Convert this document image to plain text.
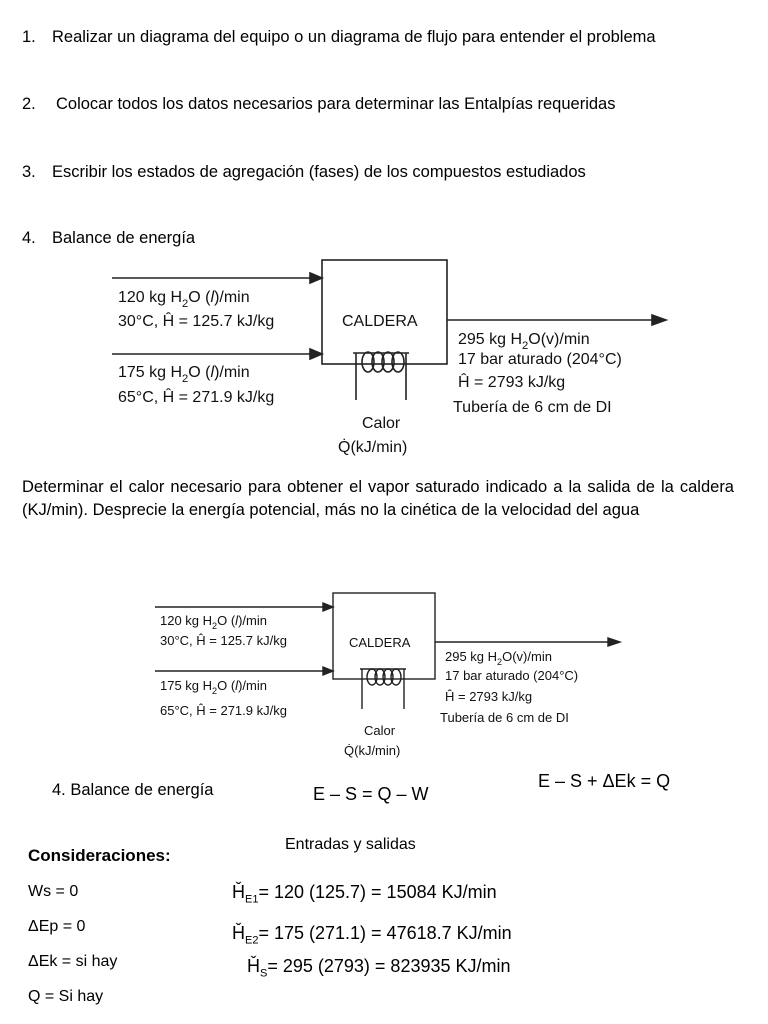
1. Realizar un diagrama del equipo o un diagrama de flujo para entender el problema
2. Colocar todos los datos necesarios para determinar las Entalpías requeridas
3. Escribir los estados de agregación (fases) de los compuestos estudiados
4. Balance de energía
CALDERA
120 kg $H_2O$ (l)/min
30°C, Ĥ = 125.7 kJ/kg
175 kg $H_2O$ (l)/min
65°C, Ĥ = 271.9 kJ/kg
295 kg $H_2O(v)/\min$
17 bar aturado (204°C)
Ĥ = 2793 kJ/kg
Tubería de 6 cm de DI
Calor
Q̇(kJ/min)
Determinar el calor necesario para obtener el vapor saturado indicado a la salida de la caldera (KJ/min). Desprecie la energía potencial, más no la cinética de la velocidad del agua
CALDERA
120 kg $H_2O$ (l)/min
30°C, Ĥ = 125.7 kJ/kg
175 kg $H_2O$ (l)/min
65°C, Ĥ = 271.9 kJ/kg
295 kg $H_2O(v)/\min$
17 bar aturado (204°C)
Ĥ = 2793 kJ/kg
Tubería de 6 cm de DI
Calor
Q̇(kJ/min)
4. Balance de energía	E – S = Q – W
E – S + ΔEk = Q
Entradas y salidas
Consideraciones:
Ws = 0
ΔEp = 0
ΔEk = si hay
Q = Si hay
$Ȟ_{E1}= 120$ (125.7) = 15084 KJ/min
$Ȟ_{E2}= 175$ (271.1) = 47618.7 KJ/min
$Ȟ_S= 295$ (2793) = 823935 KJ/min
